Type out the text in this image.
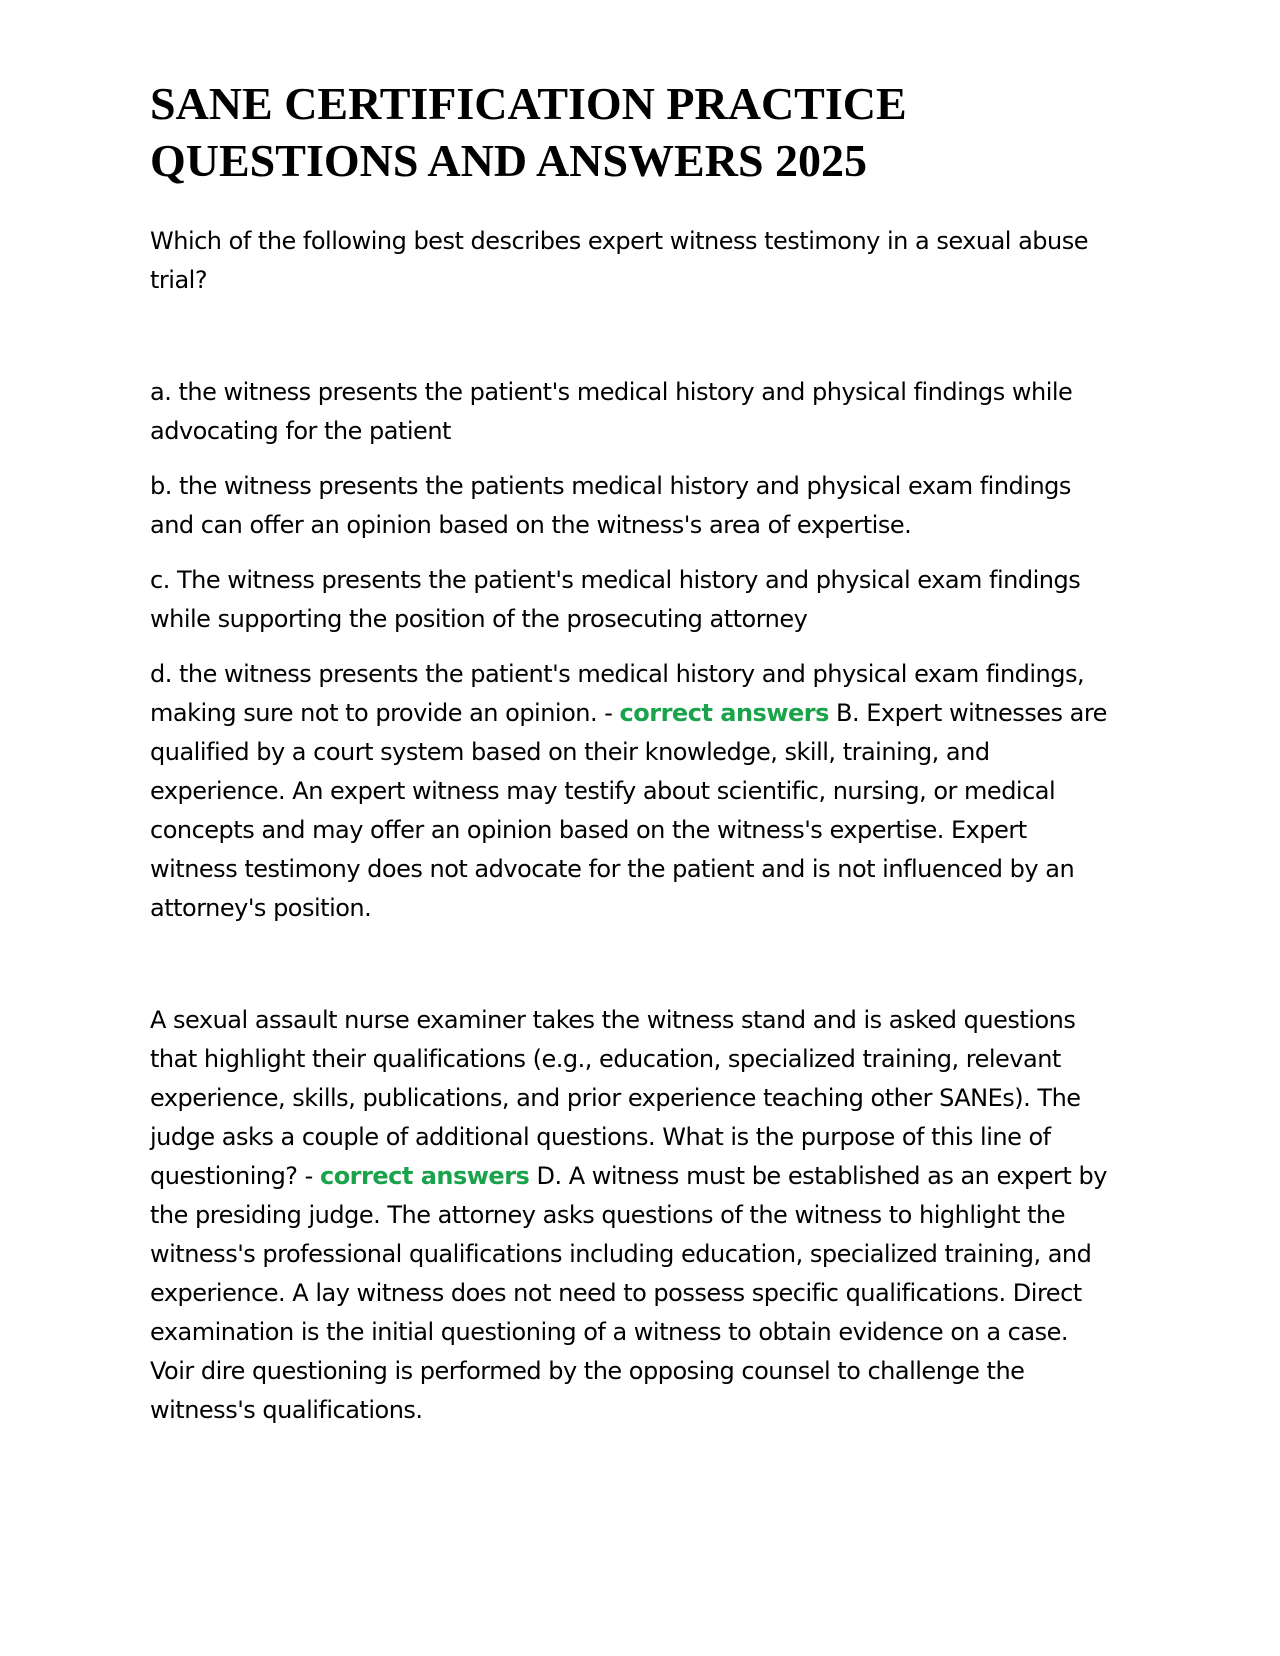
SANE CERTIFICATION PRACTICE
QUESTIONS AND ANSWERS 2025

Which of the following best describes expert witness testimony in a sexual abuse trial?

a. the witness presents the patient's medical history and physical findings while advocating for the patient

b. the witness presents the patients medical history and physical exam findings and can offer an opinion based on the witness's area of expertise.

c. The witness presents the patient's medical history and physical exam findings while supporting the position of the prosecuting attorney

d. the witness presents the patient's medical history and physical exam findings, making sure not to provide an opinion. - correct answers B. Expert witnesses are qualified by a court system based on their knowledge, skill, training, and experience. An expert witness may testify about scientific, nursing, or medical concepts and may offer an opinion based on the witness's expertise. Expert witness testimony does not advocate for the patient and is not influenced by an attorney's position.

A sexual assault nurse examiner takes the witness stand and is asked questions that highlight their qualifications (e.g., education, specialized training, relevant experience, skills, publications, and prior experience teaching other SANEs). The judge asks a couple of additional questions. What is the purpose of this line of questioning? - correct answers D. A witness must be established as an expert by the presiding judge. The attorney asks questions of the witness to highlight the witness's professional qualifications including education, specialized training, and experience. A lay witness does not need to possess specific qualifications. Direct examination is the initial questioning of a witness to obtain evidence on a case. Voir dire questioning is performed by the opposing counsel to challenge the witness's qualifications.
